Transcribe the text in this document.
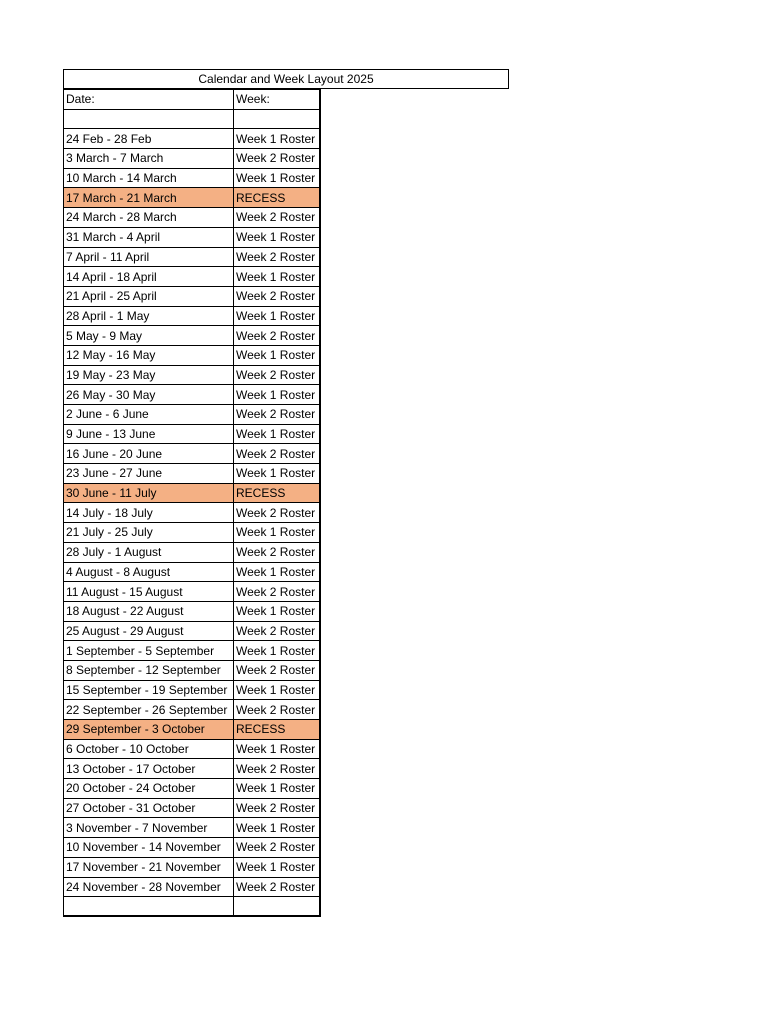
Calendar and Week Layout 2025
Date:	Week:

24 Feb - 28 Feb	Week 1 Roster
3 March - 7 March	Week 2 Roster
10 March - 14 March	Week 1 Roster
17 March - 21 March	RECESS
24 March - 28 March	Week 2 Roster
31 March - 4 April	Week 1 Roster
7 April - 11 April	Week 2 Roster
14 April - 18 April	Week 1 Roster
21 April - 25 April	Week 2 Roster
28 April - 1 May	Week 1 Roster
5 May - 9 May	Week 2 Roster
12 May - 16 May	Week 1 Roster
19 May - 23 May	Week 2 Roster
26 May - 30 May	Week 1 Roster
2 June - 6 June	Week 2 Roster
9 June - 13 June	Week 1 Roster
16 June - 20 June	Week 2 Roster
23 June - 27 June	Week 1 Roster
30 June - 11 July	RECESS
14 July - 18 July	Week 2 Roster
21 July - 25 July	Week 1 Roster
28 July - 1 August	Week 2 Roster
4 August - 8 August	Week 1 Roster
11 August - 15 August	Week 2 Roster
18 August - 22 August	Week 1 Roster
25 August - 29 August	Week 2 Roster
1 September - 5 September	Week 1 Roster
8 September - 12 September	Week 2 Roster
15 September - 19 September	Week 1 Roster
22 September - 26 September	Week 2 Roster
29 September - 3 October	RECESS
6 October - 10 October	Week 1 Roster
13 October - 17 October	Week 2 Roster
20 October - 24 October	Week 1 Roster
27 October - 31 October	Week 2 Roster
3 November - 7 November	Week 1 Roster
10 November - 14 November	Week 2 Roster
17 November - 21 November	Week 1 Roster
24 November - 28 November	Week 2 Roster
